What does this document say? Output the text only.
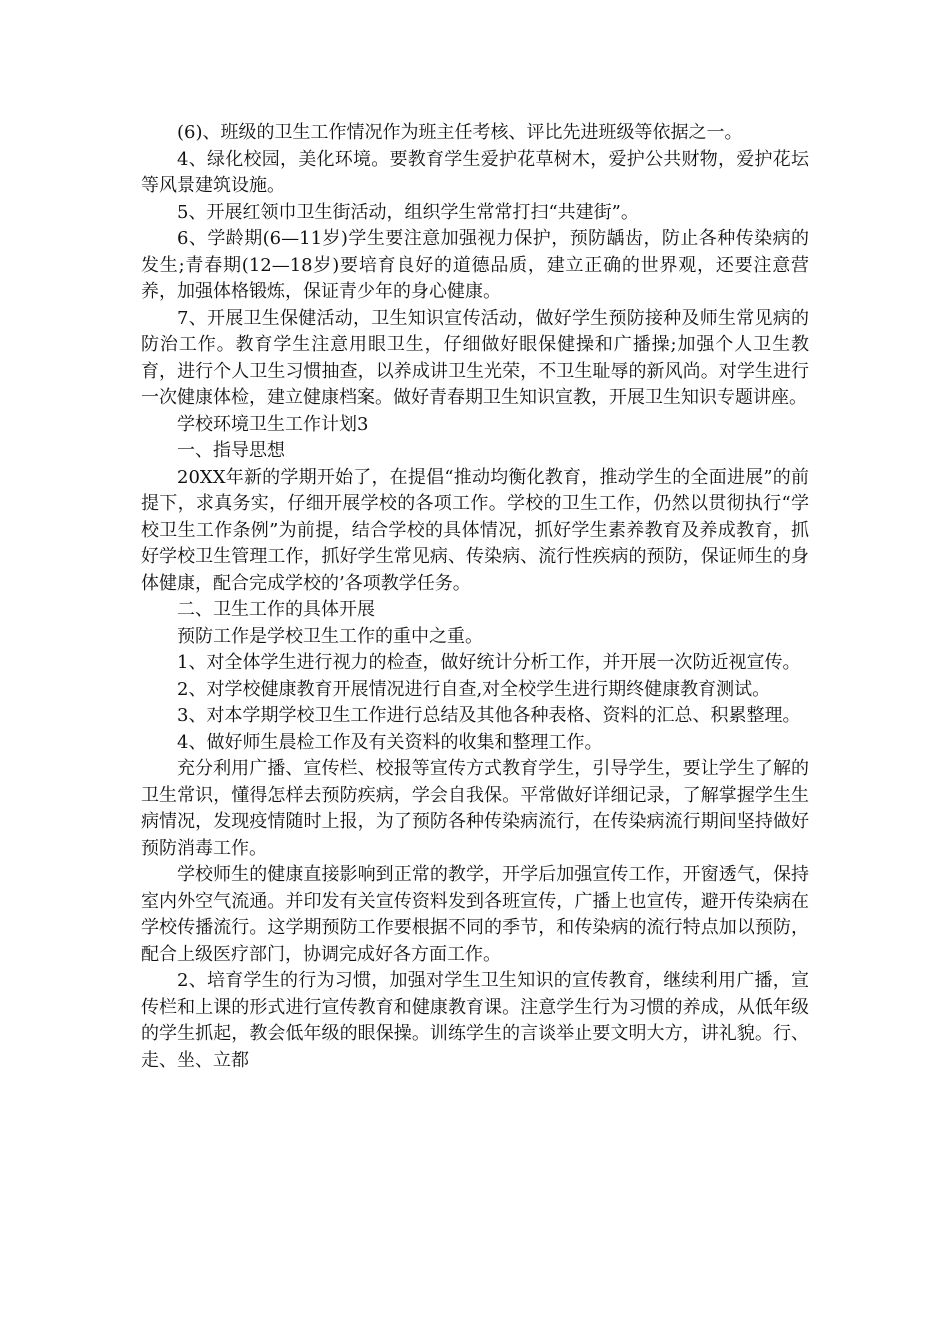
(6)、班级的卫生工作情况作为班主任考核、评比先进班级等依据之一。

4、绿化校园，美化环境。要教育学生爱护花草树木，爱护公共财物，爱护花坛等风景建筑设施。

5、开展红领巾卫生街活动，组织学生常常打扫“共建街”。

6、学龄期(6—11岁)学生要注意加强视力保护，预防龋齿，防止各种传染病的发生;青春期(12—18岁)要培育良好的道德品质，建立正确的世界观，还要注意营养，加强体格锻炼，保证青少年的身心健康。

7、开展卫生保健活动，卫生知识宣传活动，做好学生预防接种及师生常见病的防治工作。教育学生注意用眼卫生，仔细做好眼保健操和广播操;加强个人卫生教育，进行个人卫生习惯抽查，以养成讲卫生光荣，不卫生耻辱的新风尚。对学生进行一次健康体检，建立健康档案。做好青春期卫生知识宣教，开展卫生知识专题讲座。

学校环境卫生工作计划3

一、指导思想

20XX年新的学期开始了，在提倡“推动均衡化教育，推动学生的全面进展”的前提下，求真务实，仔细开展学校的各项工作。学校的卫生工作，仍然以贯彻执行“学校卫生工作条例”为前提，结合学校的具体情况，抓好学生素养教育及养成教育，抓好学校卫生管理工作，抓好学生常见病、传染病、流行性疾病的预防，保证师生的身体健康，配合完成学校的’各项教学任务。

二、卫生工作的具体开展

预防工作是学校卫生工作的重中之重。

1、对全体学生进行视力的检查，做好统计分析工作，并开展一次防近视宣传。

2、对学校健康教育开展情况进行自查,对全校学生进行期终健康教育测试。

3、对本学期学校卫生工作进行总结及其他各种表格、资料的汇总、积累整理。

4、做好师生晨检工作及有关资料的收集和整理工作。

充分利用广播、宣传栏、校报等宣传方式教育学生，引导学生，要让学生了解的卫生常识，懂得怎样去预防疾病，学会自我保。平常做好详细记录，了解掌握学生生病情况，发现疫情随时上报，为了预防各种传染病流行，在传染病流行期间坚持做好预防消毒工作。

学校师生的健康直接影响到正常的教学，开学后加强宣传工作，开窗透气，保持室内外空气流通。并印发有关宣传资料发到各班宣传，广播上也宣传，避开传染病在学校传播流行。这学期预防工作要根据不同的季节，和传染病的流行特点加以预防，配合上级医疗部门，协调完成好各方面工作。

2、培育学生的行为习惯，加强对学生卫生知识的宣传教育，继续利用广播，宣传栏和上课的形式进行宣传教育和健康教育课。注意学生行为习惯的养成，从低年级的学生抓起，教会低年级的眼保操。训练学生的言谈举止要文明大方，讲礼貌。行、走、坐、立都
